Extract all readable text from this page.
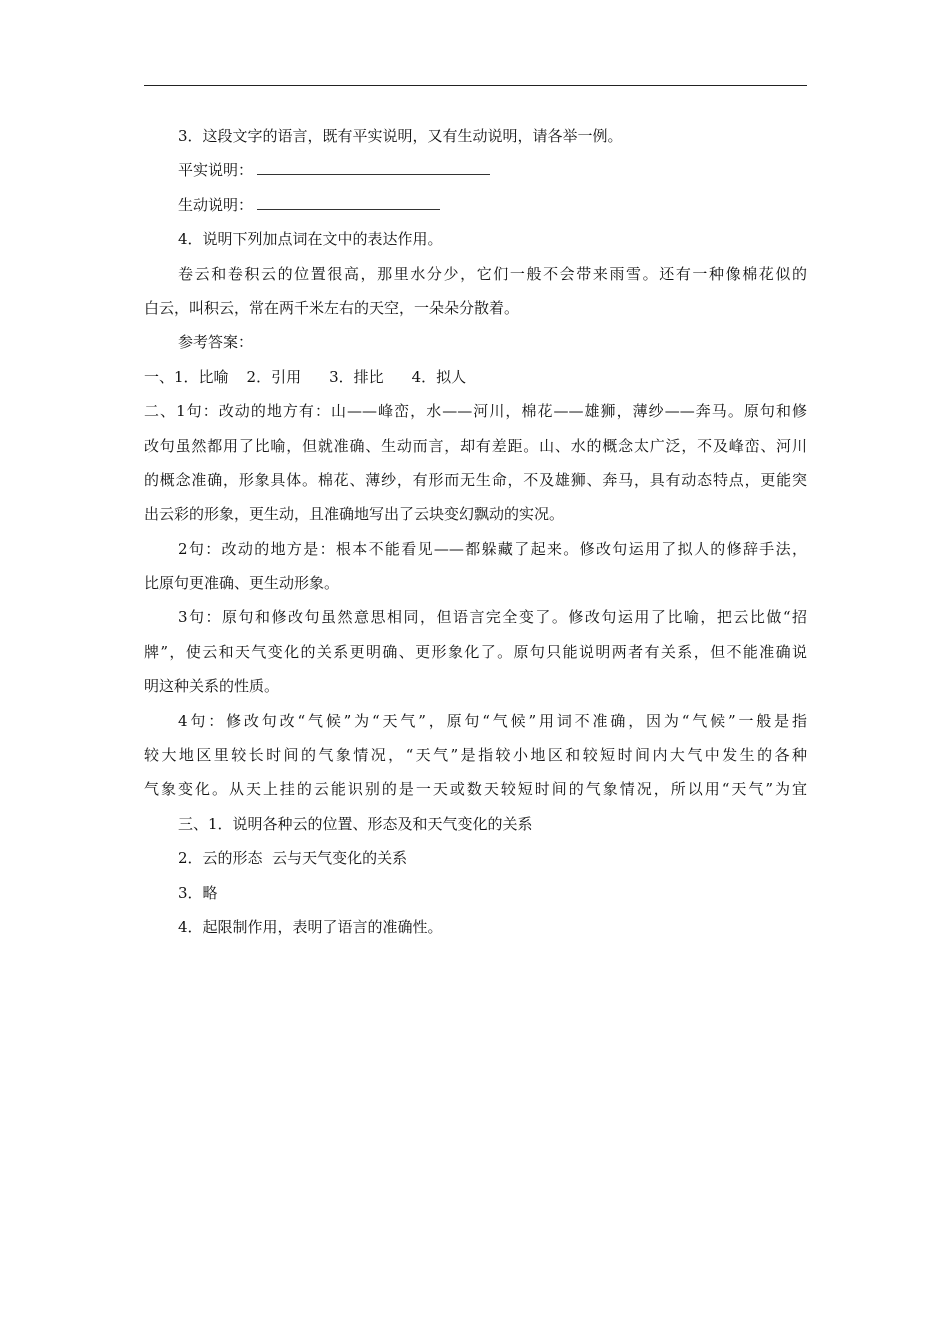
3．这段文字的语言，既有平实说明，又有生动说明，请各举一例。
平实说明：
生动说明：
4．说明下列加点词在文中的表达作用。
卷云和卷积云的位置很高，那里水分少，它们一般不会带来雨雪。还有一种像棉花似的
白云，叫积云，常在两千米左右的天空，一朵朵分散着。
参考答案：
一、1．比喻 2．引用 3．排比 4．拟人
二、1句：改动的地方有：山——峰峦，水——河川，棉花——雄狮，薄纱——奔马。原句和修
改句虽然都用了比喻，但就准确、生动而言，却有差距。山、水的概念太广泛，不及峰峦、河川
的概念准确，形象具体。棉花、薄纱，有形而无生命，不及雄狮、奔马，具有动态特点，更能突
出云彩的形象，更生动，且准确地写出了云块变幻飘动的实况。
2句：改动的地方是：根本不能看见——都躲藏了起来。修改句运用了拟人的修辞手法，
比原句更准确、更生动形象。
3句：原句和修改句虽然意思相同，但语言完全变了。修改句运用了比喻，把云比做“招
牌”，使云和天气变化的关系更明确、更形象化了。原句只能说明两者有关系，但不能准确说
明这种关系的性质。
4句：修改句改“气候”为“天气”，原句“气候”用词不准确，因为“气候”一般是指
较大地区里较长时间的气象情况，“天气”是指较小地区和较短时间内大气中发生的各种
气象变化。从天上挂的云能识别的是一天或数天较短时间的气象情况，所以用“天气”为宜
三、1．说明各种云的位置、形态及和天气变化的关系
2．云的形态  云与天气变化的关系
3．略
4．起限制作用，表明了语言的准确性。
